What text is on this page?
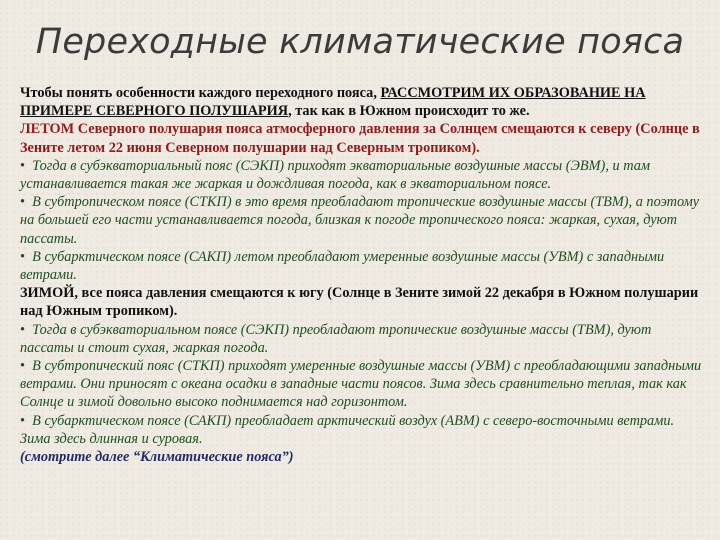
Переходные климатические пояса

Чтобы понять особенности каждого переходного пояса, РАССМОТРИМ ИХ ОБРАЗОВАНИЕ НА ПРИМЕРЕ СЕВЕРНОГО ПОЛУШАРИЯ, так как в Южном происходит то же.

ЛЕТОМ Северного полушария пояса атмосферного давления за Солнцем смещаются к северу (Солнце в Зените летом 22 июня Северном полушарии над Северным тропиком).

• Тогда в субэкваториальный пояс (СЭКП) приходят экваториальные воздушные массы (ЭВМ), и там устанавливается такая же жаркая и дождливая погода, как в экваториальном поясе.

• В субтропическом поясе (СТКП) в это время преобладают тропические воздушные массы (ТВМ), а поэтому на большей его части устанавливается погода, близкая к погоде тропического пояса: жаркая, сухая, дуют пассаты.

• В субарктическом поясе (САКП) летом преобладают умеренные воздушные массы (УВМ) с западными ветрами.

ЗИМОЙ, все пояса давления смещаются к югу (Солнце в Зените зимой 22 декабря в Южном полушарии над Южным тропиком).

• Тогда в субэкваториальном поясе (СЭКП) преобладают тропические воздушные массы (ТВМ), дуют пассаты и стоит сухая, жаркая погода.

• В субтропический пояс (СТКП) приходят умеренные воздушные массы (УВМ) с преобладающими западными ветрами. Они приносят с океана осадки в западные части поясов. Зима здесь сравнительно теплая, так как Солнце и зимой довольно высоко поднимается над горизонтом.

• В субарктическом поясе (САКП) преобладает арктический воздух (АВМ) с северо-восточными ветрами. Зима здесь длинная и суровая.

(смотрите далее “Климатические пояса”)
